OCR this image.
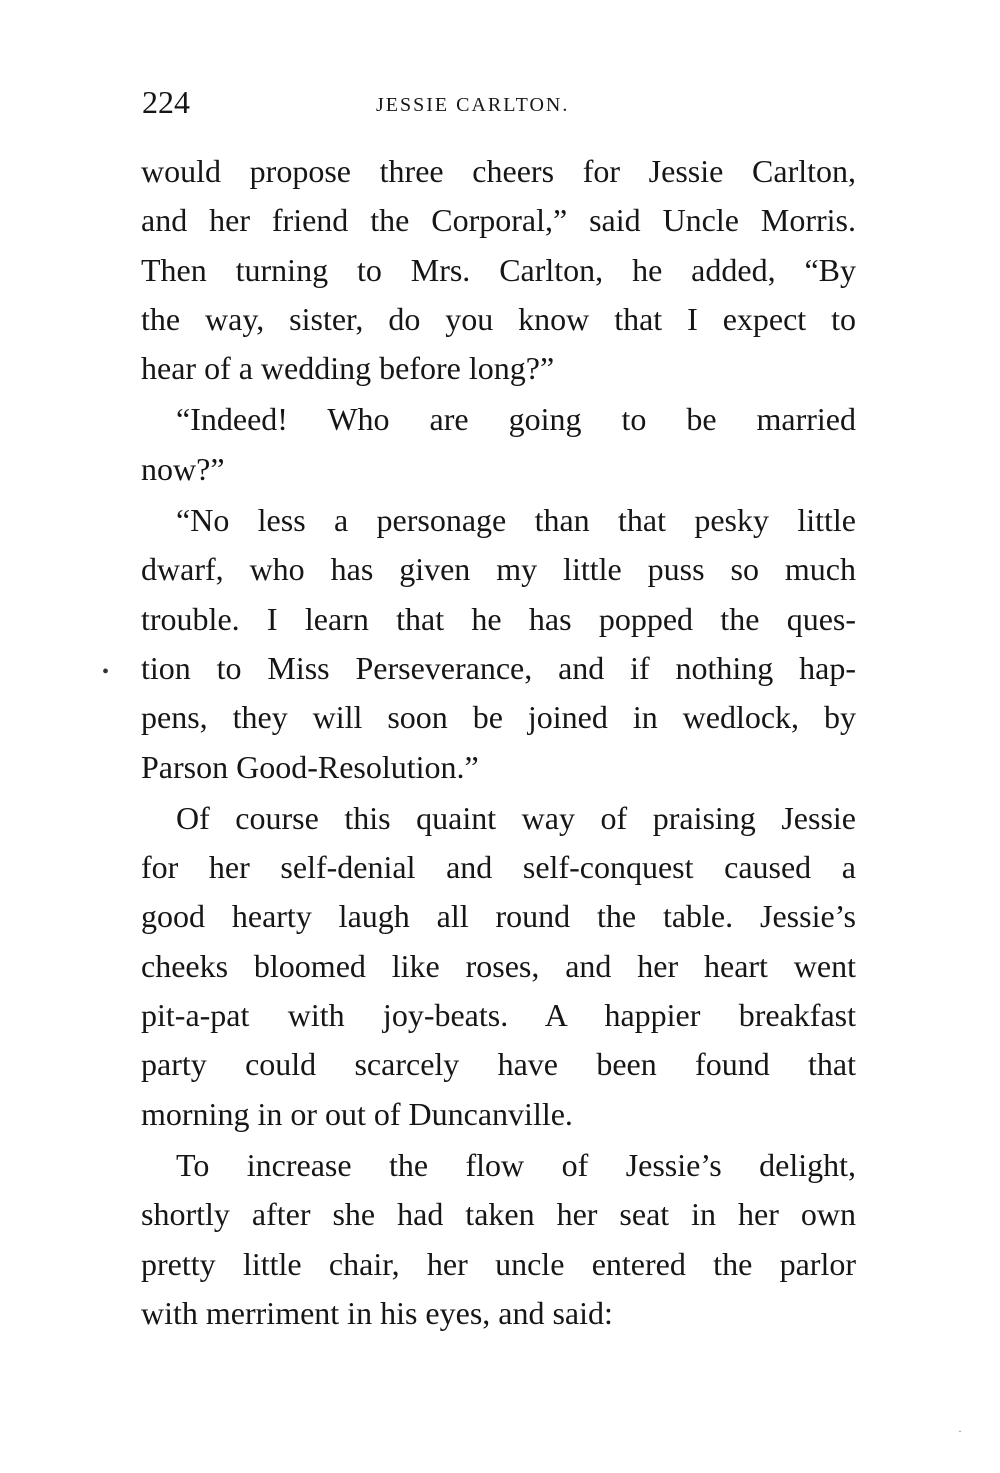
224	JESSIE CARLTON.
•

would propose three cheers for Jessie Carlton,
and her friend the Corporal,” said Uncle Morris.
Then turning to Mrs. Carlton, he added, “By
the way, sister, do you know that I expect to
hear of a wedding before long?”

“Indeed! Who are going to be married
now?”

“No less a personage than that pesky little
dwarf, who has given my little puss so much
trouble. I learn that he has popped the ques-
tion to Miss Perseverance, and if nothing hap-
pens, they will soon be joined in wedlock, by
Parson Good-Resolution.”

Of course this quaint way of praising Jessie
for her self-denial and self-conquest caused a
good hearty laugh all round the table. Jessie’s
cheeks bloomed like roses, and her heart went
pit-a-pat with joy-beats. A happier breakfast
party could scarcely have been found that
morning in or out of Duncanville.

To increase the flow of Jessie’s delight,
shortly after she had taken her seat in her own
pretty little chair, her uncle entered the parlor
with merriment in his eyes, and said:

·
